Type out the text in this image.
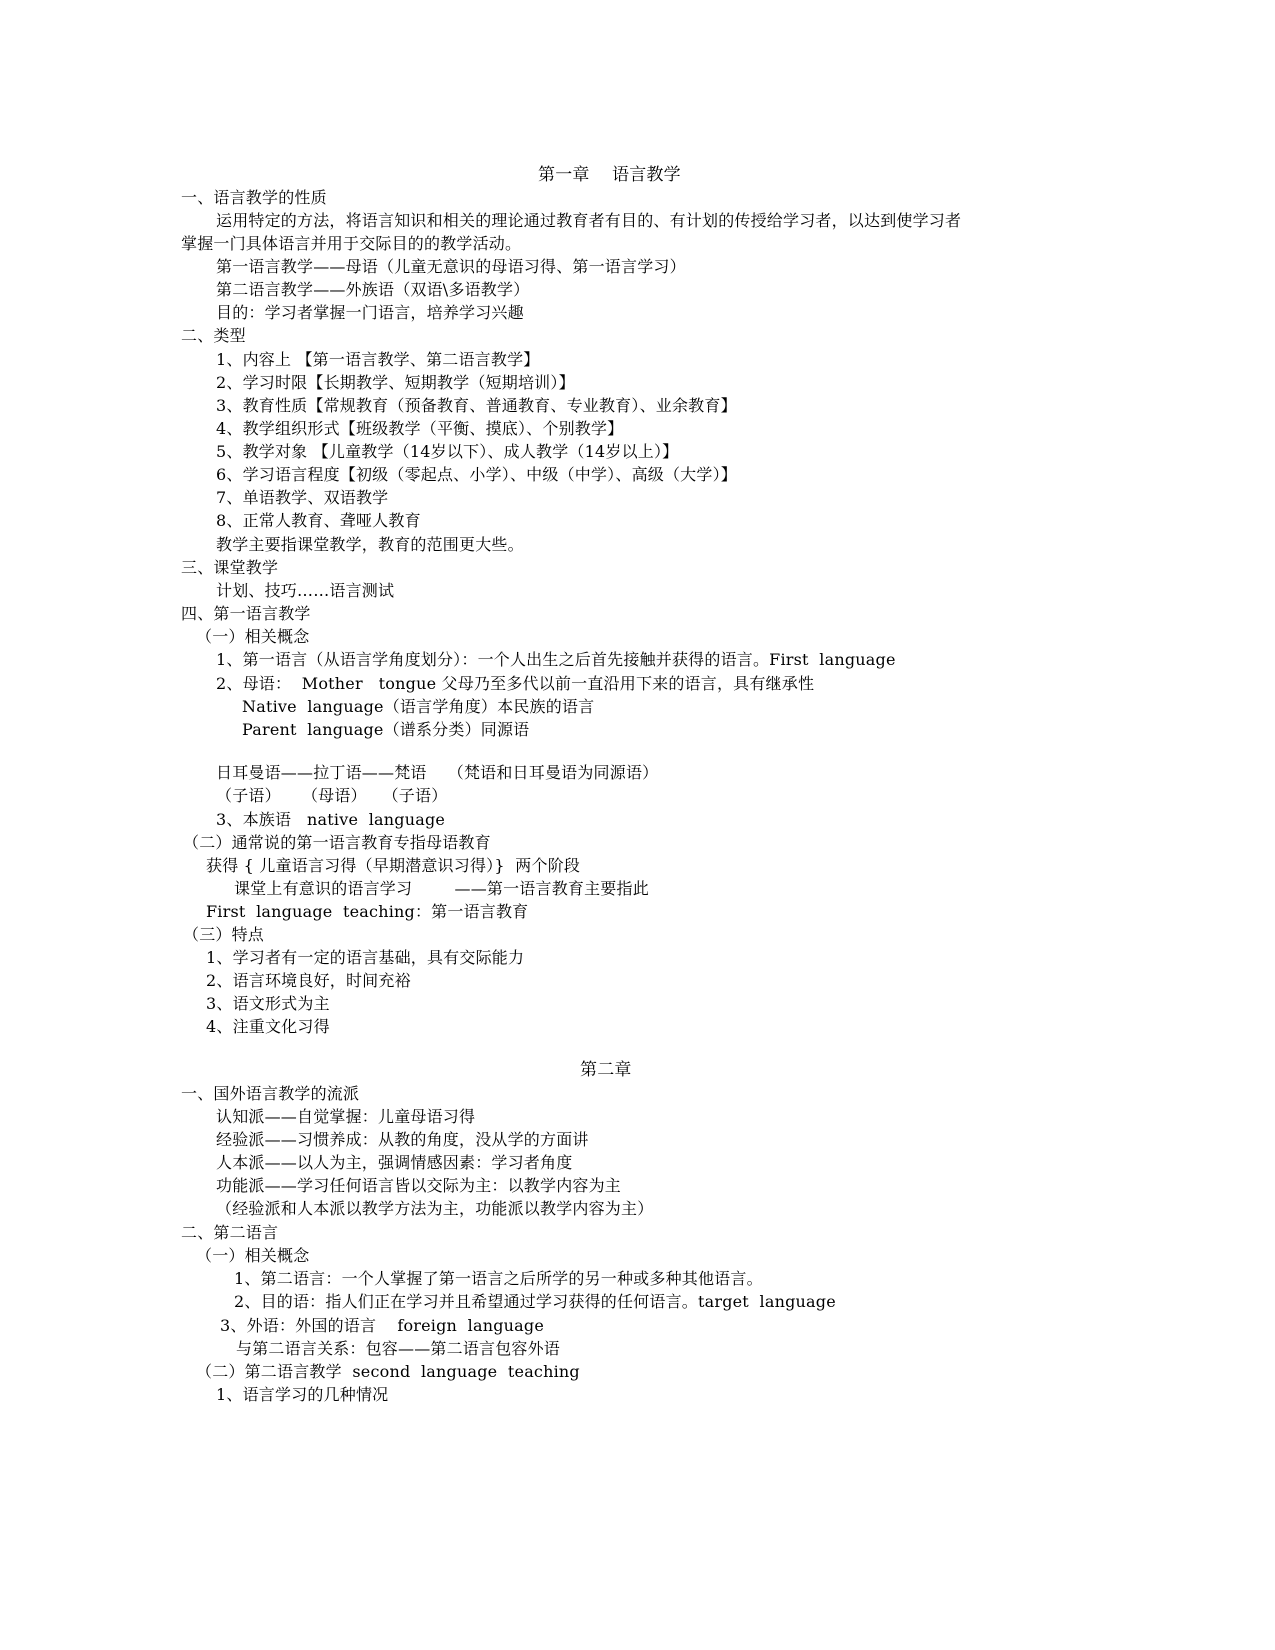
第一章    语言教学
一、语言教学的性质
运用特定的方法，将语言知识和相关的理论通过教育者有目的、有计划的传授给学习者，以达到使学习者
掌握一门具体语言并用于交际目的的教学活动。
第一语言教学——母语（儿童无意识的母语习得、第一语言学习）
第二语言教学——外族语（双语\多语教学）
目的：学习者掌握一门语言，培养学习兴趣
二、类型
1、内容上 【第一语言教学、第二语言教学】
2、学习时限【长期教学、短期教学（短期培训）】
3、教育性质【常规教育（预备教育、普通教育、专业教育）、业余教育】
4、教学组织形式【班级教学（平衡、摸底）、个别教学】
5、教学对象 【儿童教学（14岁以下）、成人教学（14岁以上）】
6、学习语言程度【初级（零起点、小学）、中级（中学）、高级（大学）】
7、单语教学、双语教学
8、正常人教育、聋哑人教育
教学主要指课堂教学，教育的范围更大些。
三、课堂教学
计划、技巧……语言测试
四、第一语言教学
（一）相关概念
1、第一语言（从语言学角度划分）：一个人出生之后首先接触并获得的语言。First  language
2、母语：  Mother   tongue 父母乃至多代以前一直沿用下来的语言，具有继承性
Native  language（语言学角度）本民族的语言
Parent  language（谱系分类）同源语
日耳曼语——拉丁语——梵语    （梵语和日耳曼语为同源语）
（子语）    （母语）   （子语）
3、本族语   native  language
（二）通常说的第一语言教育专指母语教育
获得 { 儿童语言习得（早期潜意识习得）}  两个阶段
课堂上有意识的语言学习        ——第一语言教育主要指此
First  language  teaching：第一语言教育
（三）特点
1、学习者有一定的语言基础，具有交际能力
2、语言环境良好，时间充裕
3、语文形式为主
4、注重文化习得
第二章
一、国外语言教学的流派
认知派——自觉掌握：儿童母语习得
经验派——习惯养成：从教的角度，没从学的方面讲
人本派——以人为主，强调情感因素：学习者角度
功能派——学习任何语言皆以交际为主：以教学内容为主
（经验派和人本派以教学方法为主，功能派以教学内容为主）
二、第二语言
（一）相关概念
1、第二语言：一个人掌握了第一语言之后所学的另一种或多种其他语言。
2、目的语：指人们正在学习并且希望通过学习获得的任何语言。target  language
3、外语：外国的语言    foreign  language
与第二语言关系：包容——第二语言包容外语
（二）第二语言教学  second  language  teaching
1、语言学习的几种情况
